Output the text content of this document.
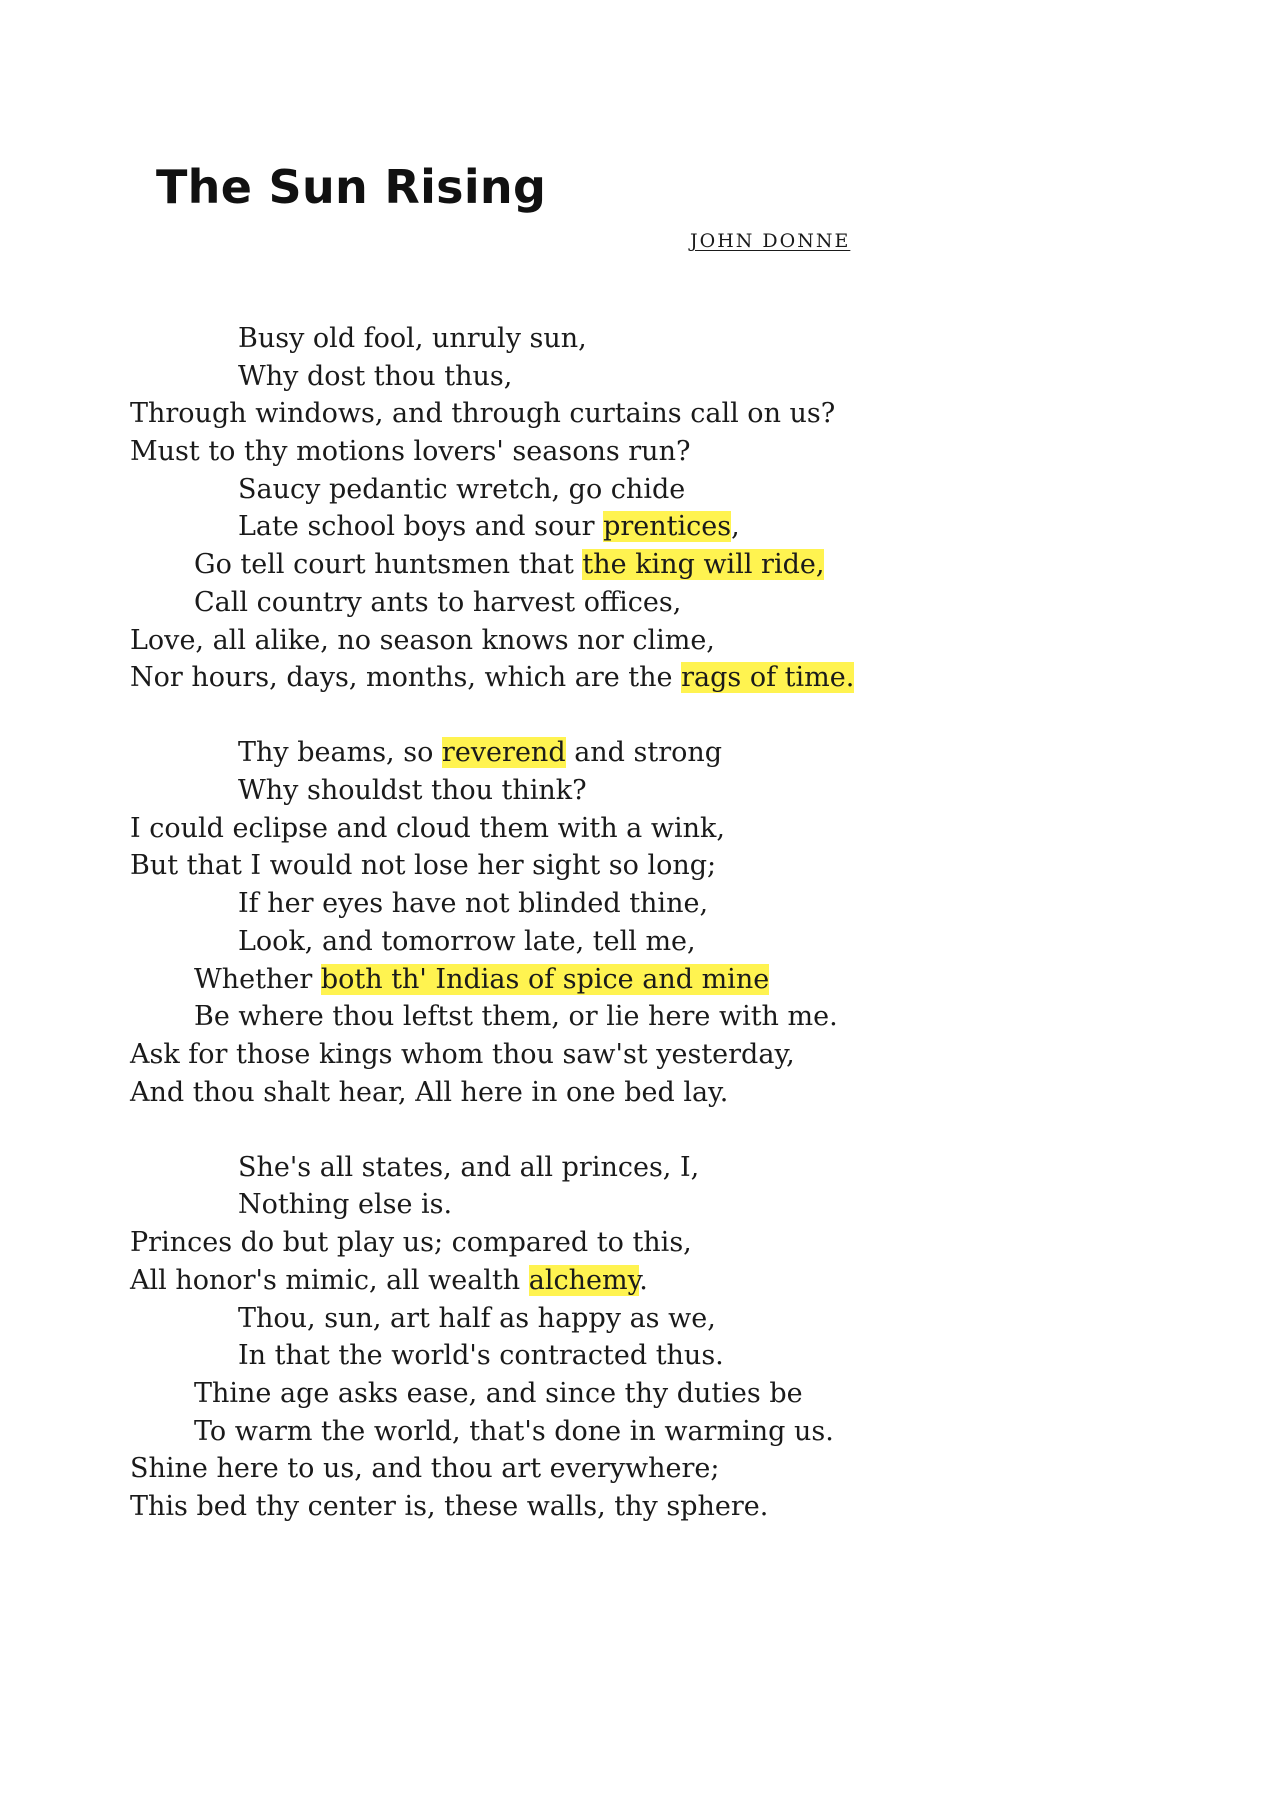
The Sun Rising
JOHN DONNE
Busy old fool, unruly sun,
Why dost thou thus,
Through windows, and through curtains call on us?
Must to thy motions lovers' seasons run?
Saucy pedantic wretch, go chide
Late school boys and sour prentices,
Go tell court huntsmen that the king will ride,
Call country ants to harvest offices,
Love, all alike, no season knows nor clime,
Nor hours, days, months, which are the rags of time.
Thy beams, so reverend and strong
Why shouldst thou think?
I could eclipse and cloud them with a wink,
But that I would not lose her sight so long;
If her eyes have not blinded thine,
Look, and tomorrow late, tell me,
Whether both th' Indias of spice and mine
Be where thou leftst them, or lie here with me.
Ask for those kings whom thou saw'st yesterday,
And thou shalt hear, All here in one bed lay.
She's all states, and all princes, I,
Nothing else is.
Princes do but play us; compared to this,
All honor's mimic, all wealth alchemy.
Thou, sun, art half as happy as we,
In that the world's contracted thus.
Thine age asks ease, and since thy duties be
To warm the world, that's done in warming us.
Shine here to us, and thou art everywhere;
This bed thy center is, these walls, thy sphere.
